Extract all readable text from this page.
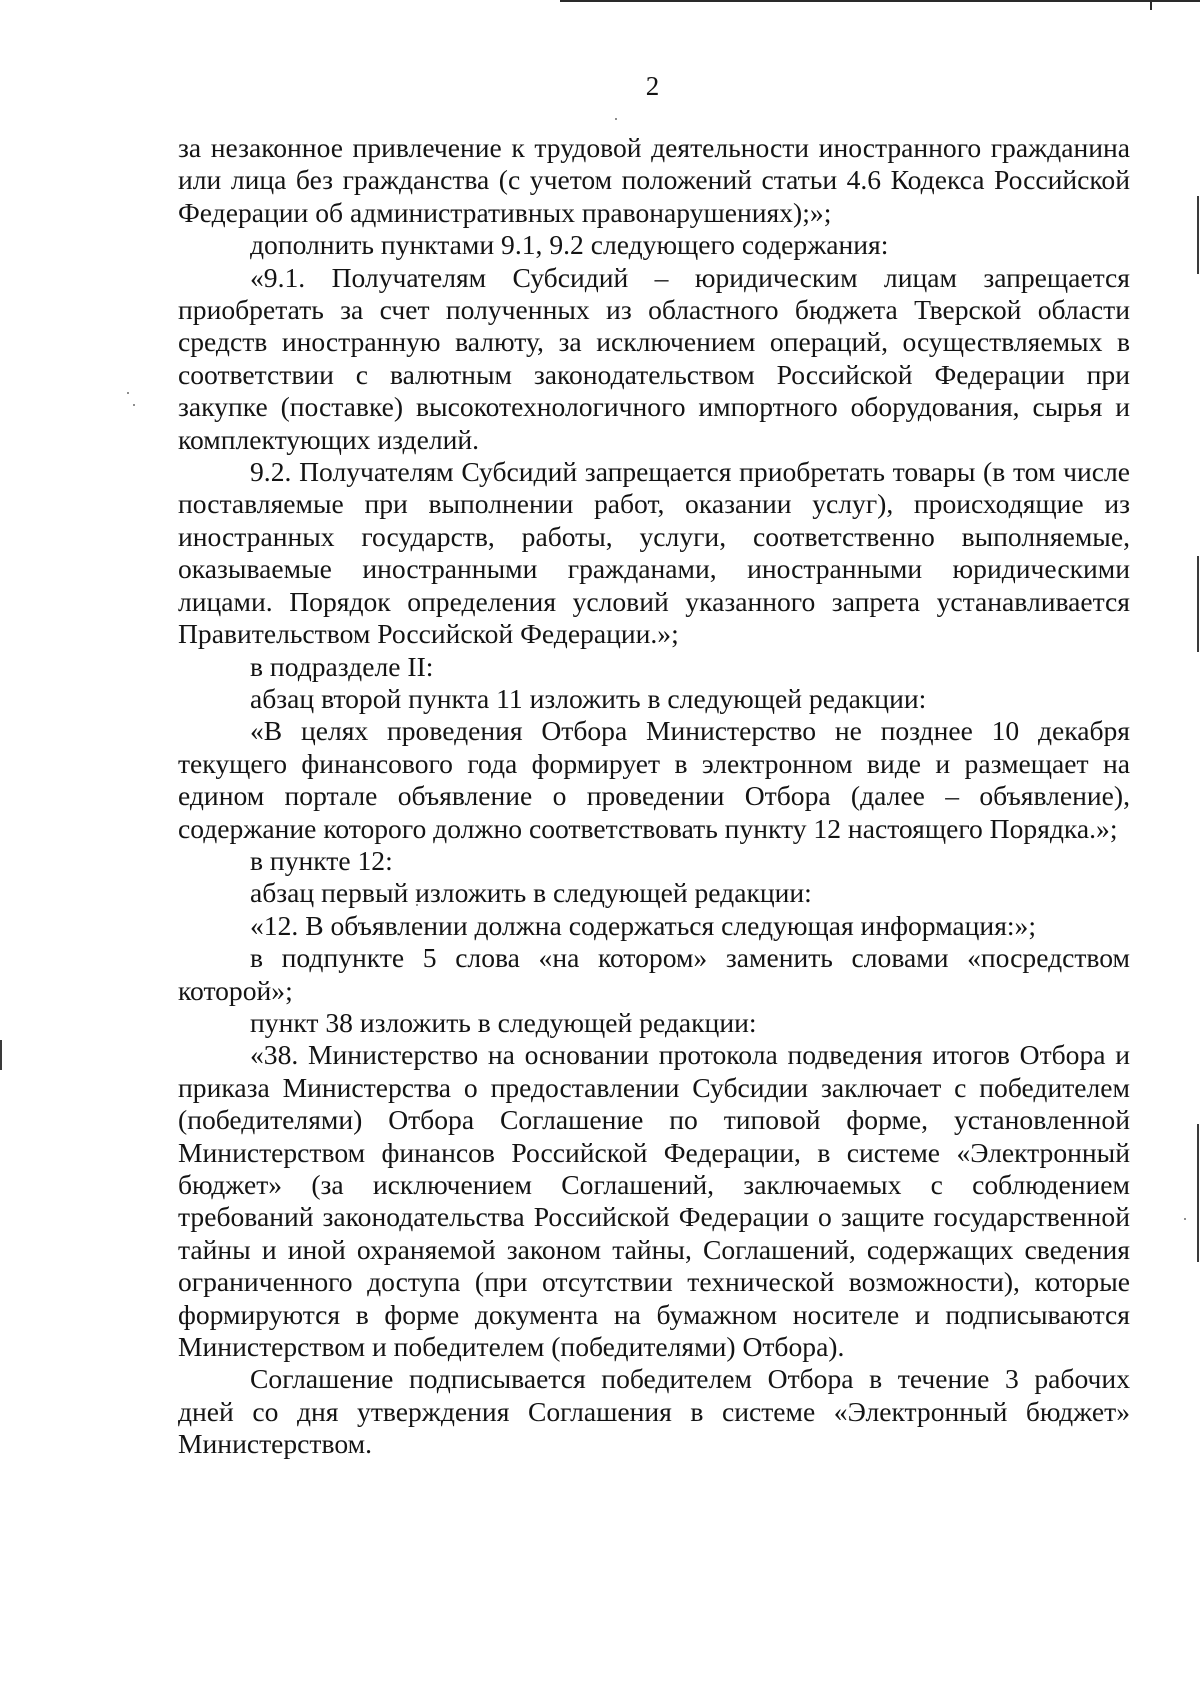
2

за незаконное привлечение к трудовой деятельности иностранного гражданина или лица без гражданства (с учетом положений статьи 4.6 Кодекса Российской Федерации об административных правонарушениях);»;

дополнить пунктами 9.1, 9.2 следующего содержания:

«9.1. Получателям Субсидий – юридическим лицам запрещается приобретать за счет полученных из областного бюджета Тверской области средств иностранную валюту, за исключением операций, осуществляемых в соответствии с валютным законодательством Российской Федерации при закупке (поставке) высокотехнологичного импортного оборудования, сырья и комплектующих изделий.

9.2. Получателям Субсидий запрещается приобретать товары (в том числе поставляемые при выполнении работ, оказании услуг), происходящие из иностранных государств, работы, услуги, соответственно выполняемые, оказываемые иностранными гражданами, иностранными юридическими лицами. Порядок определения условий указанного запрета устанавливается Правительством Российской Федерации.»;

в подразделе II:

абзац второй пункта 11 изложить в следующей редакции:

«В целях проведения Отбора Министерство не позднее 10 декабря текущего финансового года формирует в электронном виде и размещает на едином портале объявление о проведении Отбора (далее – объявление), содержание которого должно соответствовать пункту 12 настоящего Порядка.»;

в пункте 12:

абзац первый изложить в следующей редакции:

«12. В объявлении должна содержаться следующая информация:»;

в подпункте 5 слова «на котором» заменить словами «посредством которой»;

пункт 38 изложить в следующей редакции:

«38. Министерство на основании протокола подведения итогов Отбора и приказа Министерства о предоставлении Субсидии заключает с победителем (победителями) Отбора Соглашение по типовой форме, установленной Министерством финансов Российской Федерации, в системе «Электронный бюджет» (за исключением Соглашений, заключаемых с соблюдением требований законодательства Российской Федерации о защите государственной тайны и иной охраняемой законом тайны, Соглашений, содержащих сведения ограниченного доступа (при отсутствии технической возможности), которые формируются в форме документа на бумажном носителе и подписываются Министерством и победителем (победителями) Отбора).

Соглашение подписывается победителем Отбора в течение 3 рабочих дней со дня утверждения Соглашения в системе «Электронный бюджет» Министерством.
